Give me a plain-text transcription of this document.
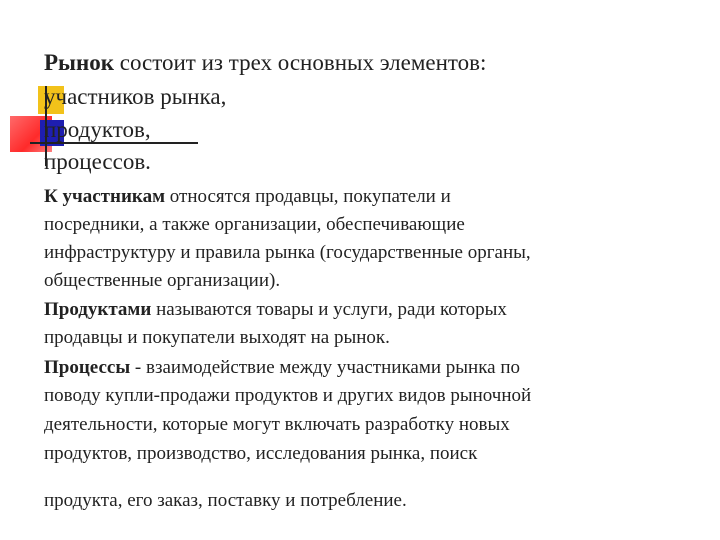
Рынок состоит из трех основных элементов:

участников рынка,

продуктов,

процессов.

К участникам относятся продавцы, покупатели и

посредники, а также организации, обеспечивающие

инфраструктуру и правила рынка (государственные органы,

общественные организации).

Продуктами называются товары и услуги, ради которых

продавцы и покупатели выходят на рынок.

Процессы - взаимодействие между участниками рынка по

поводу купли-продажи продуктов и других видов рыночной

деятельности, которые могут включать разработку новых

продуктов, производство, исследования рынка, поиск

продукта, его заказ, поставку и потребление.
